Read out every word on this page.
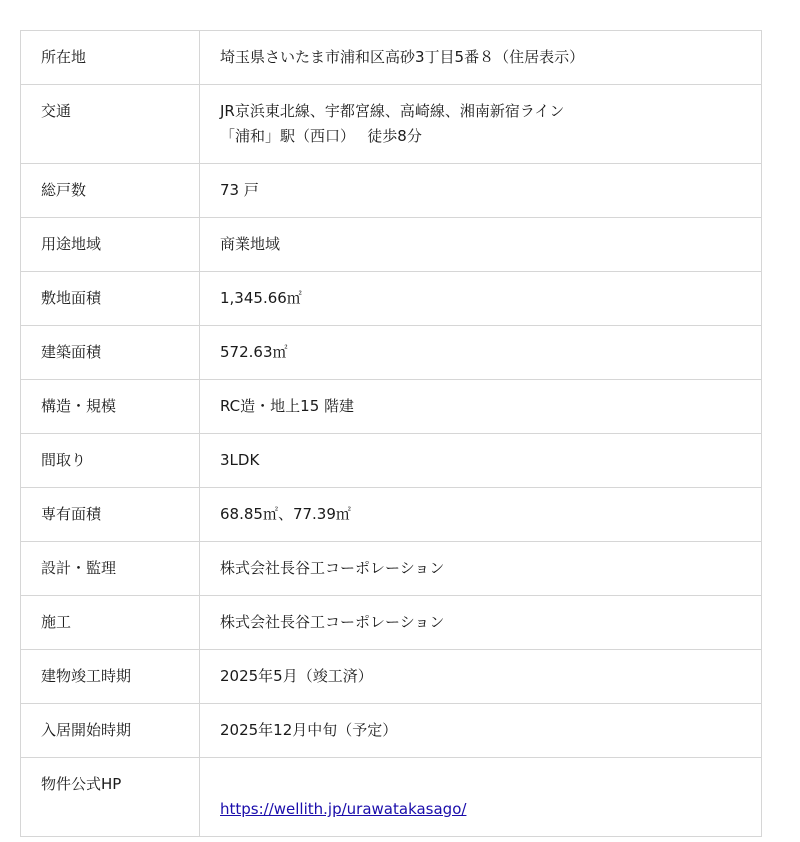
所在地	埼玉県さいたま市浦和区高砂3丁目5番８（住居表示）
交通	JR京浜東北線、宇都宮線、高崎線、湘南新宿ライン
「浦和」駅（西口）　 徒歩8分
総戸数	73 戸
用途地域	商業地域
敷地面積	1,345.66㎡
建築面積	572.63㎡
構造・規模	RC造・地上15 階建
間取り	3LDK
専有面積	68.85㎡、77.39㎡
設計・監理	株式会社長谷工コーポレーション
施工	株式会社長谷工コーポレーション
建物竣工時期	2025年5月（竣工済）
入居開始時期	2025年12月中旬（予定）
物件公式HP	https://wellith.jp/urawatakasago/
